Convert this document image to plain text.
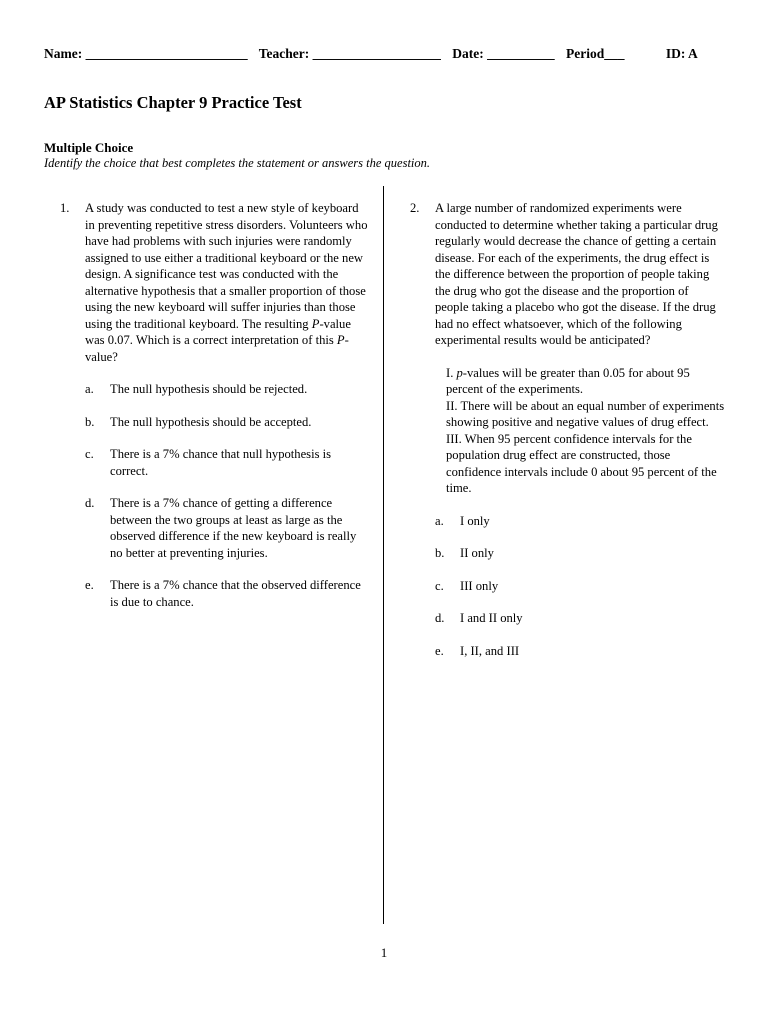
Name: ________________________ Teacher: ___________________ Date: __________ Period___	ID: A
AP Statistics Chapter 9 Practice Test
Multiple Choice
Identify the choice that best completes the statement or answers the question.
1. A study was conducted to test a new style of keyboard in preventing repetitive stress disorders. Volunteers who have had problems with such injuries were randomly assigned to use either a traditional keyboard or the new design. A significance test was conducted with the alternative hypothesis that a smaller proportion of those using the new keyboard will suffer injuries than those using the traditional keyboard. The resulting P-value was 0.07. Which is a correct interpretation of this P-value?
a. The null hypothesis should be rejected.
b. The null hypothesis should be accepted.
c. There is a 7% chance that null hypothesis is correct.
d. There is a 7% chance of getting a difference between the two groups at least as large as the observed difference if the new keyboard is really no better at preventing injuries.
e. There is a 7% chance that the observed difference is due to chance.
2. A large number of randomized experiments were conducted to determine whether taking a particular drug regularly would decrease the chance of getting a certain disease. For each of the experiments, the drug effect is the difference between the proportion of people taking the drug who got the disease and the proportion of people taking a placebo who got the disease. If the drug had no effect whatsoever, which of the following experimental results would be anticipated?
I. p-values will be greater than 0.05 for about 95 percent of the experiments.
II. There will be about an equal number of experiments showing positive and negative values of drug effect.
III. When 95 percent confidence intervals for the population drug effect are constructed, those confidence intervals include 0 about 95 percent of the time.
a. I only
b. II only
c. III only
d. I and II only
e. I, II, and III
1
